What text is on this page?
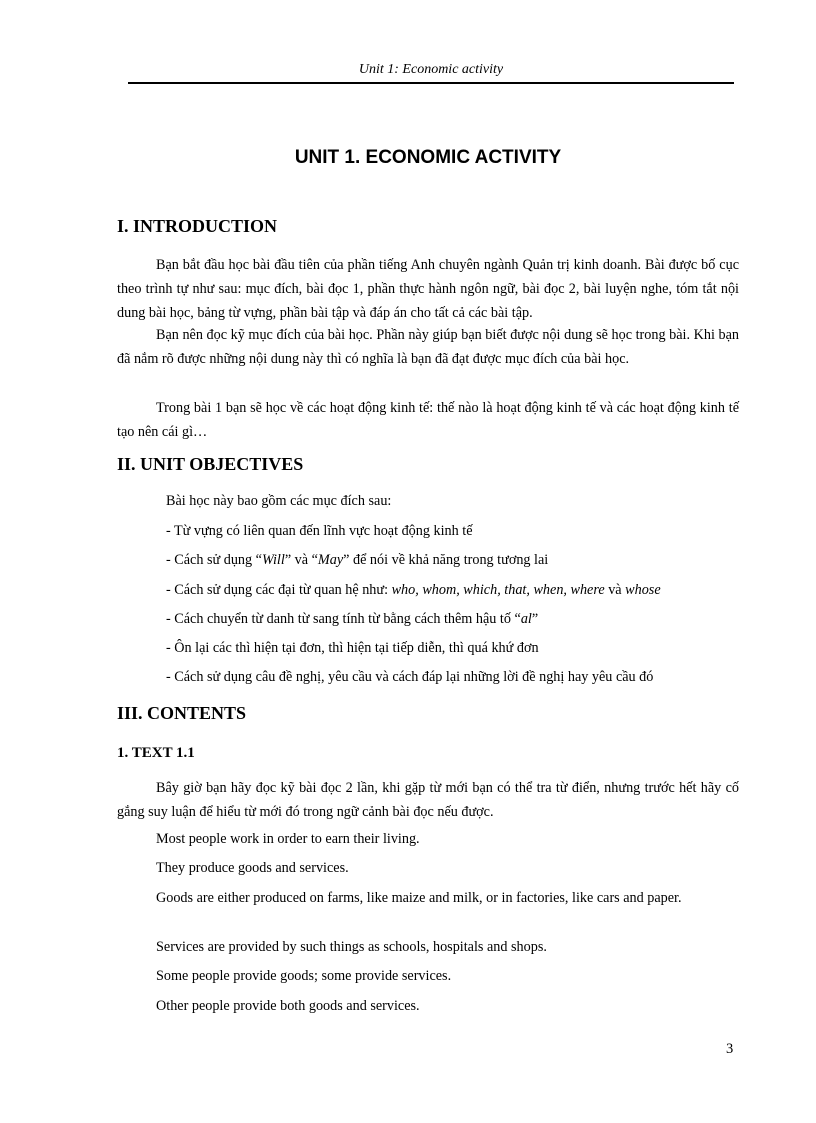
Unit 1: Economic activity
UNIT 1. ECONOMIC ACTIVITY
I. INTRODUCTION

Bạn bắt đầu học bài đầu tiên của phần tiếng Anh chuyên ngành Quản trị kinh doanh. Bài được bố cục theo trình tự như sau: mục đích, bài đọc 1, phần thực hành ngôn ngữ, bài đọc 2, bài luyện nghe, tóm tắt nội dung bài học, bảng từ vựng, phần bài tập và đáp án cho tất cả các bài tập.

Bạn nên đọc kỹ mục đích của bài học. Phần này giúp bạn biết được nội dung sẽ học trong bài. Khi bạn đã nắm rõ được những nội dung này thì có nghĩa là bạn đã đạt được mục đích của bài học.

Trong bài 1 bạn sẽ học về các hoạt động kinh tế: thế nào là hoạt động kinh tế và các hoạt động kinh tế tạo nên cái gì…

II. UNIT OBJECTIVES
Bài học này bao gồm các mục đích sau:
- Từ vựng có liên quan đến lĩnh vực hoạt động kinh tế
- Cách sử dụng “Will” và “May” để nói về khả năng trong tương lai
- Cách sử dụng các đại từ quan hệ như: who, whom, which, that, when, where và whose
- Cách chuyển từ danh từ sang tính từ bằng cách thêm hậu tố “al”
- Ôn lại các thì hiện tại đơn, thì hiện tại tiếp diễn, thì quá khứ đơn
- Cách sử dụng câu đề nghị, yêu cầu và cách đáp lại những lời đề nghị hay yêu cầu đó
III. CONTENTS
1. TEXT 1.1

Bây giờ bạn hãy đọc kỹ bài đọc 2 lần, khi gặp từ mới bạn có thể tra từ điển, nhưng trước hết hãy cố gắng suy luận để hiểu từ mới đó trong ngữ cảnh bài đọc nếu được.

Most people work in order to earn their living.
They produce goods and services.

Goods are either produced on farms, like maize and milk, or in factories, like cars and paper.

Services are provided by such things as schools, hospitals and shops.
Some people provide goods; some provide services.
Other people provide both goods and services.
3
